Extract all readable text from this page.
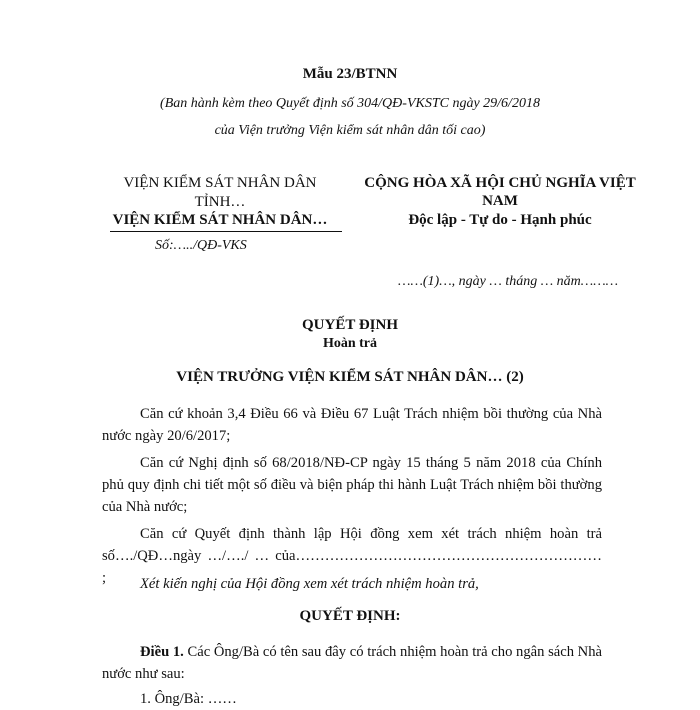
Mẫu 23/BTNN
(Ban hành kèm theo Quyết định số 304/QĐ-VKSTC ngày 29/6/2018
của Viện trưởng Viện kiểm sát nhân dân tối cao)
VIỆN KIỂM SÁT NHÂN DÂN
TỈNH…
VIỆN KIỂM SÁT NHÂN DÂN…
Số:…../QĐ-VKS
CỘNG HÒA XÃ HỘI CHỦ NGHĨA VIỆT
NAM
Độc lập - Tự do - Hạnh phúc
……(1)…, ngày … tháng … năm………
QUYẾT ĐỊNH
Hoàn trả
VIỆN TRƯỞNG VIỆN KIỂM SÁT NHÂN DÂN… (2)
Căn cứ khoản 3,4 Điều 66 và Điều 67 Luật Trách nhiệm bồi thường của Nhà nước ngày 20/6/2017;
Căn cứ Nghị định số 68/2018/NĐ-CP ngày 15 tháng 5 năm 2018 của Chính phủ quy định chi tiết một số điều và biện pháp thi hành Luật Trách nhiệm bồi thường của Nhà nước;
Căn cứ Quyết định thành lập Hội đồng xem xét trách nhiệm hoàn trả số…./QĐ…ngày …/…./ … của……………………………………………………… ;	Xét kiến nghị của Hội đồng xem xét trách nhiệm hoàn trả,
QUYẾT ĐỊNH:
Điều 1. Các Ông/Bà có tên sau đây có trách nhiệm hoàn trả cho ngân sách Nhà nước như sau:
1. Ông/Bà: ……
